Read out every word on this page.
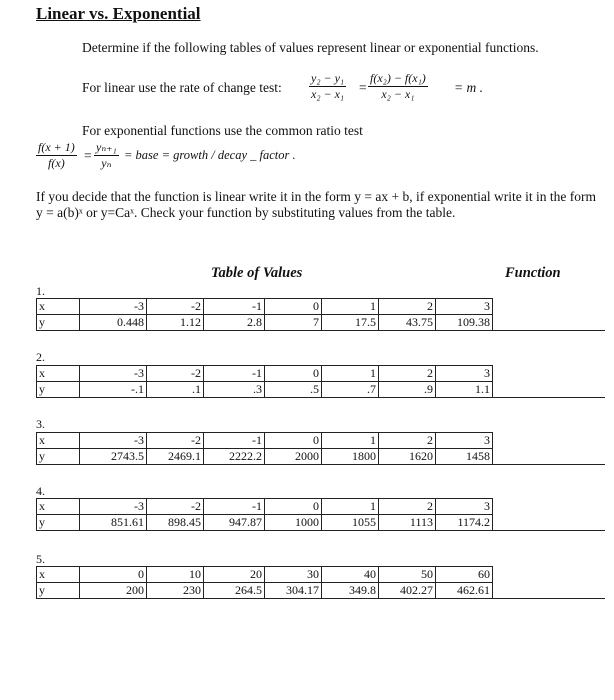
Linear vs. Exponential
Determine if the following tables of values represent linear or exponential functions.
For linear use the rate of change test: $\frac{\text{y₂ − y₁}}{\text{x₂ − x₁}} = \frac{\text{f(x₂) − f(x₁)}}{\text{x₂ − x₁}} = m$ .
For exponential functions use the common ratio test
$\frac{f(x + 1)}{f(x)} = \frac{\text{yₙ₊₁}}{\text{yₙ}}$ = base = growth / decay _ factor .
If you decide that the function is linear write it in the form y = ax + b, if exponential write it in the form y = a(b)ˣ or y=Caˣ. Check your function by substituting values from the table.
Table of Values	Function
1.
x	-3	-2	-1	0	1	2	3	
y	0.448	1.12	2.8	7	17.5	43.75	109.38	
2.
x	-3	-2	-1	0	1	2	3	
y	-.1	.1	.3	.5	.7	.9	1.1	
3.
x	-3	-2	-1	0	1	2	3	
y	2743.5	2469.1	2222.2	2000	1800	1620	1458	
4.
x	-3	-2	-1	0	1	2	3	
y	851.61	898.45	947.87	1000	1055	1113	1174.2	
5.
x	0	10	20	30	40	50	60	
y	200	230	264.5	304.17	349.8	402.27	462.61	
